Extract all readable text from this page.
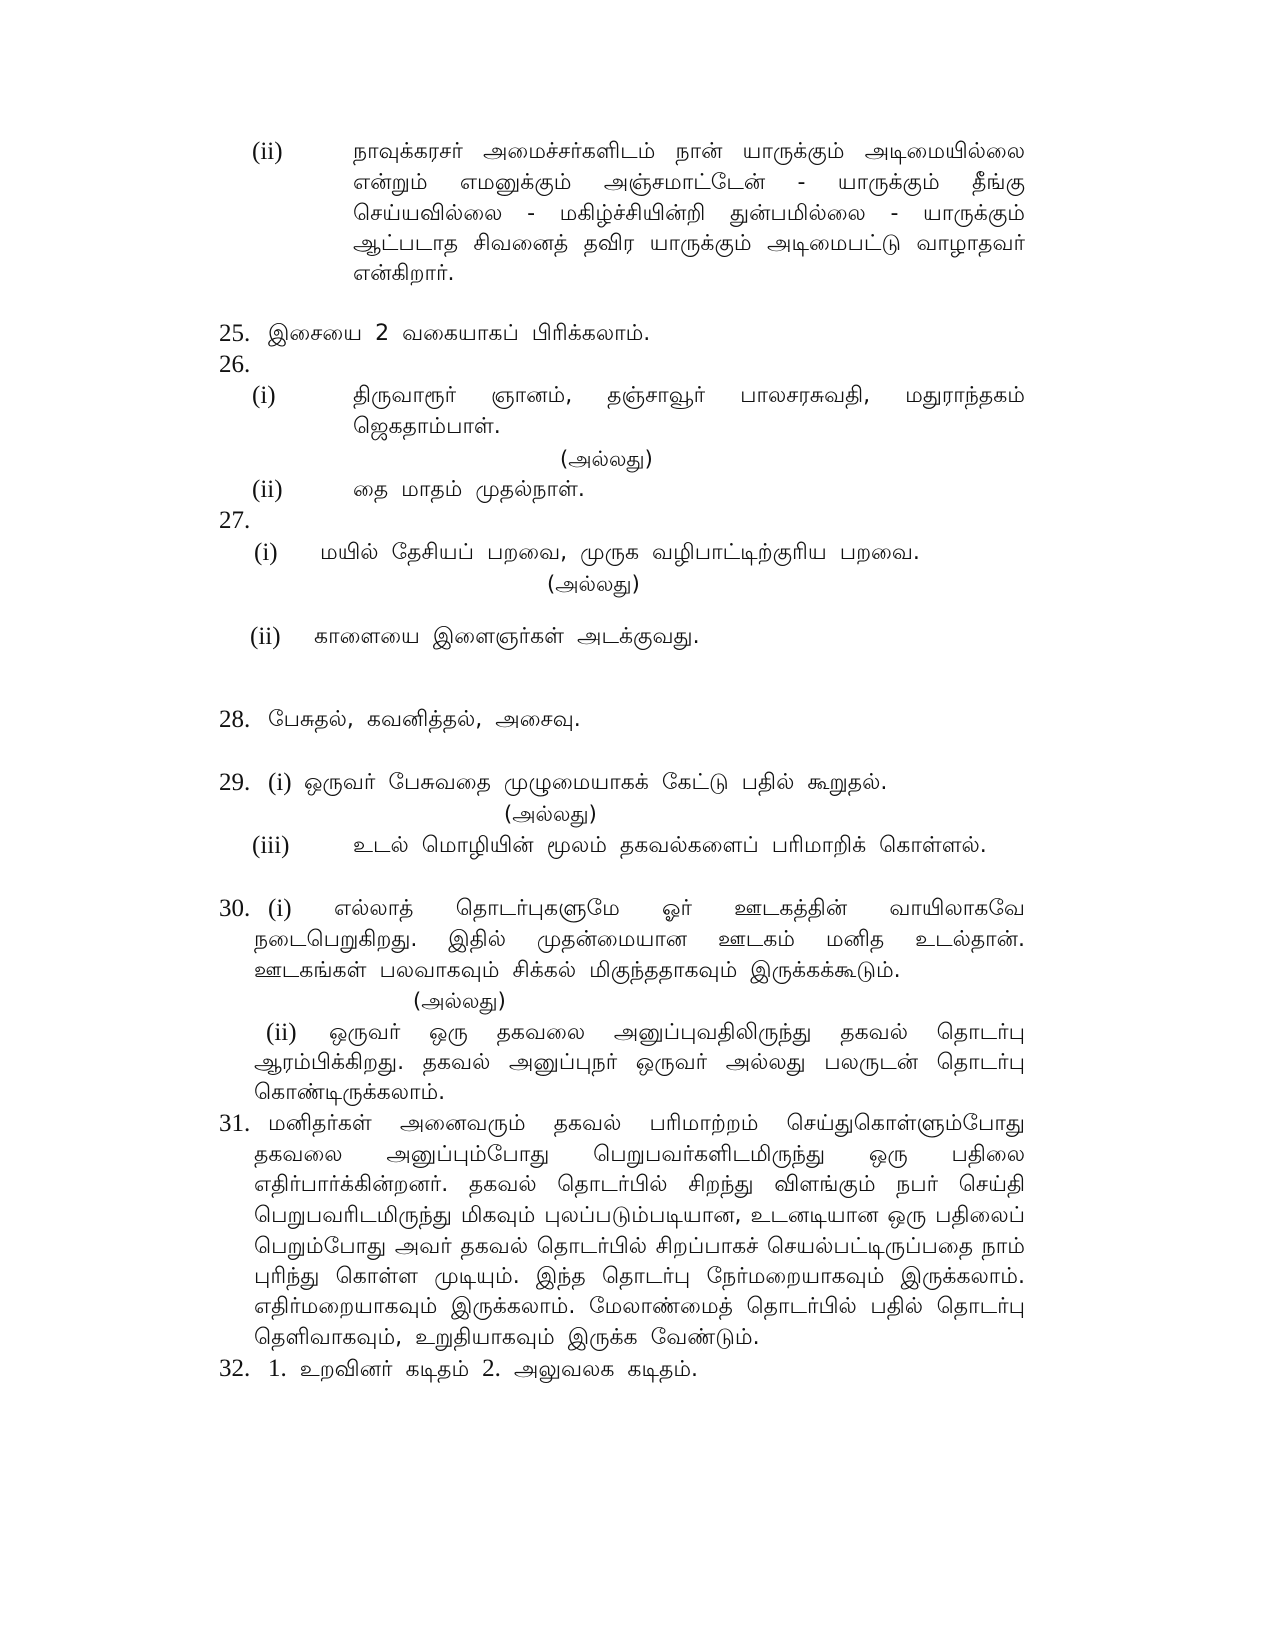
(ii)	நாவுக்கரசர் அமைச்சர்களிடம் நான் யாருக்கும் அடிமையில்லை
என்றும் எமனுக்கும் அஞ்சமாட்டேன் - யாருக்கும் தீங்கு
செய்யவில்லை - மகிழ்ச்சியின்றி துன்பமில்லை - யாருக்கும்
ஆட்படாத சிவனைத் தவிர யாருக்கும் அடிமைபட்டு வாழாதவர்
என்கிறார்.
25. இசையை 2 வகையாகப் பிரிக்கலாம்.
26.
(i)	திருவாரூர் ஞானம், தஞ்சாவூர் பாலசரசுவதி, மதுராந்தகம்
ஜெகதாம்பாள்.
(அல்லது)
(ii)	தை மாதம் முதல்நாள்.
27.
(i) மயில் தேசியப் பறவை, முருக வழிபாட்டிற்குரிய பறவை.
(அல்லது)
(ii) காளையை இளைஞர்கள் அடக்குவது.
28. பேசுதல், கவனித்தல், அசைவு.
29. (i) ஒருவர் பேசுவதை முழுமையாகக் கேட்டு பதில் கூறுதல்.
(அல்லது)
(iii)	உடல் மொழியின் மூலம் தகவல்களைப் பரிமாறிக் கொள்ளல்.
30. (i) எல்லாத் தொடர்புகளுமே ஓர் ஊடகத்தின் வாயிலாகவே
நடைபெறுகிறது. இதில் முதன்மையான ஊடகம் மனித உடல்தான்.
ஊடகங்கள் பலவாகவும் சிக்கல் மிகுந்ததாகவும் இருக்கக்கூடும்.
(அல்லது)
(ii) ஒருவர் ஒரு தகவலை அனுப்புவதிலிருந்து தகவல் தொடர்பு
ஆரம்பிக்கிறது. தகவல் அனுப்புநர் ஒருவர் அல்லது பலருடன் தொடர்பு
கொண்டிருக்கலாம்.
31. மனிதர்கள் அனைவரும் தகவல் பரிமாற்றம் செய்துகொள்ளும்போது
தகவலை அனுப்பும்போது பெறுபவர்களிடமிருந்து ஒரு பதிலை
எதிர்பார்க்கின்றனர். தகவல் தொடர்பில் சிறந்து விளங்கும் நபர் செய்தி
பெறுபவரிடமிருந்து மிகவும் புலப்படும்படியான, உடனடியான ஒரு பதிலைப்
பெறும்போது அவர் தகவல் தொடர்பில் சிறப்பாகச் செயல்பட்டிருப்பதை நாம்
புரிந்து கொள்ள முடியும். இந்த தொடர்பு நேர்மறையாகவும் இருக்கலாம்.
எதிர்மறையாகவும் இருக்கலாம். மேலாண்மைத் தொடர்பில் பதில் தொடர்பு
தெளிவாகவும், உறுதியாகவும் இருக்க வேண்டும்.
32. 1. உறவினர் கடிதம் 2. அலுவலக கடிதம்.
